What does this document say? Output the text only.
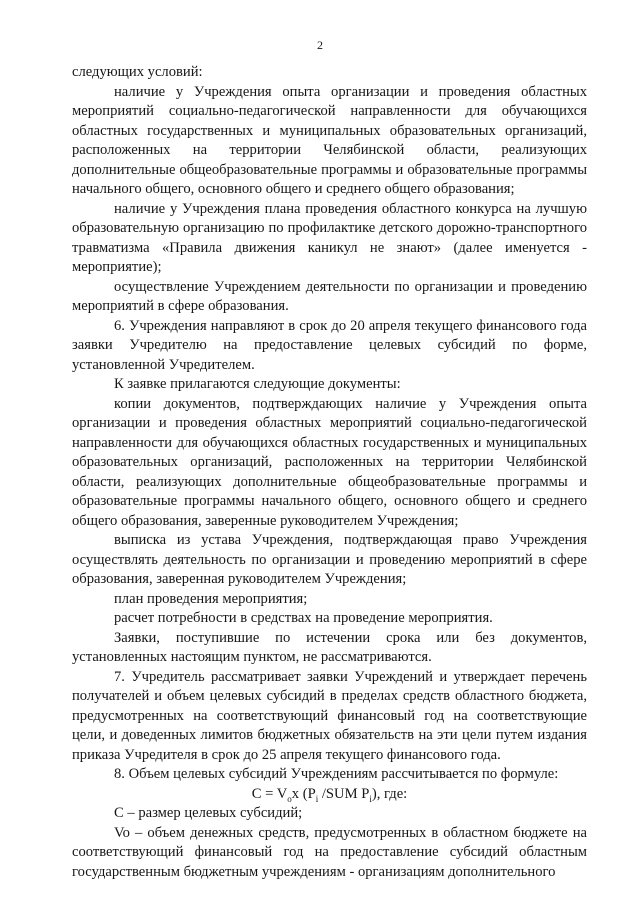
2

следующих условий:

наличие у Учреждения опыта организации и проведения областных мероприятий социально-педагогической направленности для обучающихся областных государственных и муниципальных образовательных организаций, расположенных на территории Челябинской области, реализующих дополнительные общеобразовательные программы и образовательные программы начального общего, основного общего и среднего общего образования;

наличие у Учреждения плана проведения областного конкурса на лучшую образовательную организацию по профилактике детского дорожно-транспортного травматизма «Правила движения каникул не знают» (далее именуется - мероприятие);

осуществление Учреждением деятельности по организации и проведению мероприятий в сфере образования.

6. Учреждения направляют в срок до 20 апреля текущего финансового года заявки Учредителю на предоставление целевых субсидий по форме, установленной Учредителем.

К заявке прилагаются следующие документы:

копии документов, подтверждающих наличие у Учреждения опыта организации и проведения областных мероприятий социально-педагогической направленности для обучающихся областных государственных и муниципальных образовательных организаций, расположенных на территории Челябинской области, реализующих дополнительные общеобразовательные программы и образовательные программы начального общего, основного общего и среднего общего образования, заверенные руководителем Учреждения;

выписка из устава Учреждения, подтверждающая право Учреждения осуществлять деятельность по организации и проведению мероприятий в сфере образования, заверенная руководителем Учреждения;

план проведения мероприятия;

расчет потребности в средствах на проведение мероприятия.

Заявки, поступившие по истечении срока или без документов, установленных настоящим пунктом, не рассматриваются.

7. Учредитель рассматривает заявки Учреждений и утверждает перечень получателей и объем целевых субсидий в пределах средств областного бюджета, предусмотренных на соответствующий финансовый год на соответствующие цели, и доведенных лимитов бюджетных обязательств на эти цели путем издания приказа Учредителя в срок до 25 апреля текущего финансового года.

8. Объем целевых субсидий Учреждениям рассчитывается по формуле:

$C = V_ox$ ($P_i$ /SUM $P_i$), где:

C – размер целевых субсидий;

Vo – объем денежных средств, предусмотренных в областном бюджете на соответствующий финансовый год на предоставление субсидий областным государственным бюджетным учреждениям - организациям дополнительного
